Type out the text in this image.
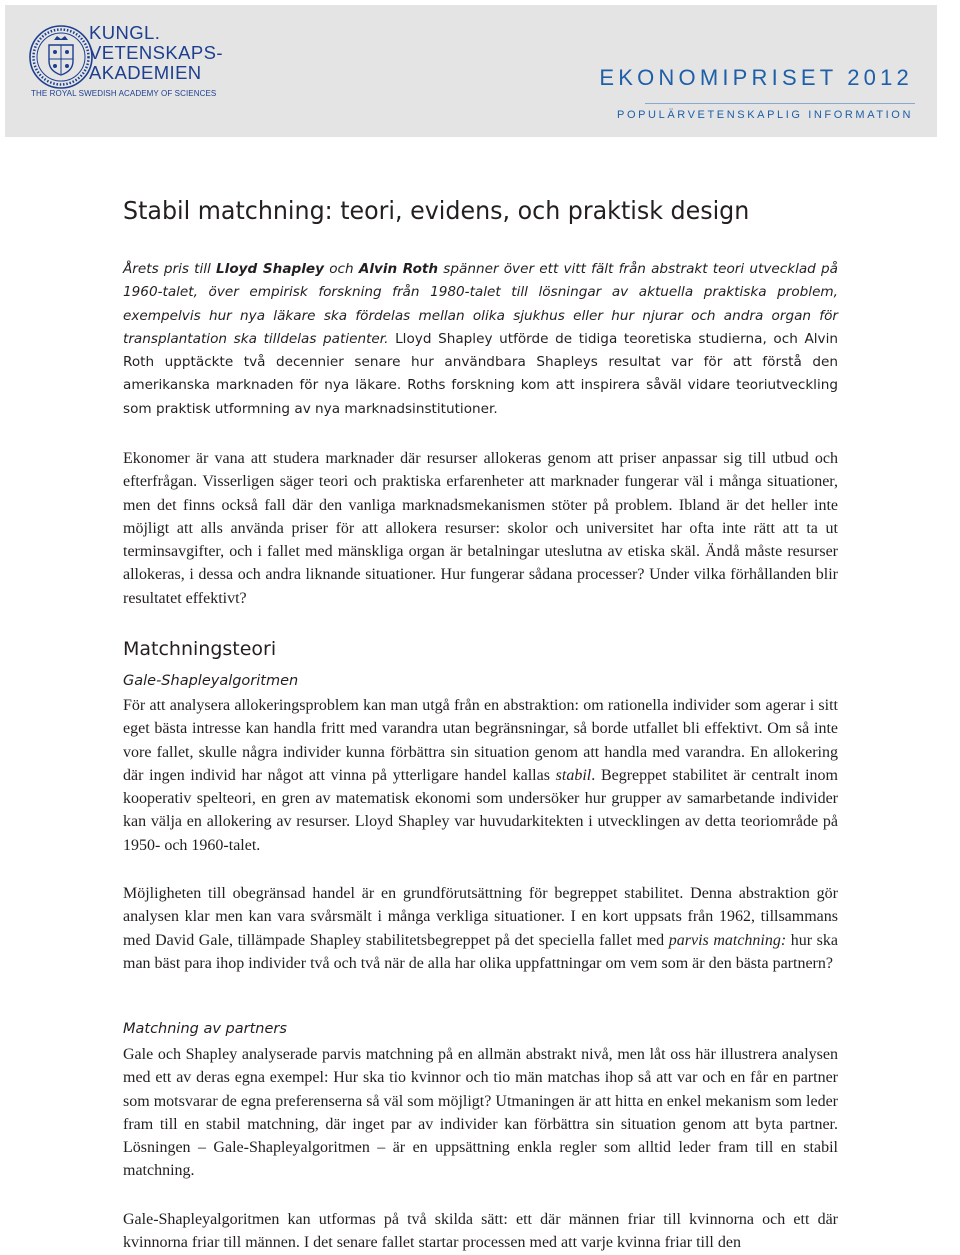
KUNGL.
VETENSKAPS-
AKADEMIEN
THE ROYAL SWEDISH ACADEMY OF SCIENCES
EKONOMIPRISET 2012
POPULÄRVETENSKAPLIG INFORMATION
Stabil matchning: teori, evidens, och praktisk design

Årets pris till Lloyd Shapley och Alvin Roth spänner över ett vitt fält från abstrakt teori utvecklad på 1960-talet, över empirisk forskning från 1980-talet till lösningar av aktuella praktiska problem, exempelvis hur nya läkare ska fördelas mellan olika sjukhus eller hur njurar och andra organ för transplantation ska tilldelas patienter. Lloyd Shapley utförde de tidiga teoretiska studierna, och Alvin Roth upptäckte två decennier senare hur användbara Shapleys resultat var för att förstå den amerikanska marknaden för nya läkare. Roths forskning kom att inspirera såväl vidare teoriutveckling som praktisk utformning av nya marknadsinstitutioner.

Ekonomer är vana att studera marknader där resurser allokeras genom att priser anpassar sig till utbud och efterfrågan. Visserligen säger teori och praktiska erfarenheter att marknader fungerar väl i många situationer, men det finns också fall där den vanliga marknadsmekanismen stöter på problem. Ibland är det heller inte möjligt att alls använda priser för att allokera resurser: skolor och universitet har ofta inte rätt att ta ut terminsavgifter, och i fallet med mänskliga organ är betalningar uteslutna av etiska skäl. Ändå måste resurser allokeras, i dessa och andra liknande situationer. Hur fungerar sådana processer? Under vilka förhållanden blir resultatet effektivt?

Matchningsteori
Gale-Shapleyalgoritmen

För att analysera allokeringsproblem kan man utgå från en abstraktion: om rationella individer som agerar i sitt eget bästa intresse kan handla fritt med varandra utan begränsningar, så borde utfallet bli effektivt. Om så inte vore fallet, skulle några individer kunna förbättra sin situation genom att handla med varandra. En allokering där ingen individ har något att vinna på ytterligare handel kallas stabil. Begreppet stabilitet är centralt inom kooperativ spelteori, en gren av matematisk ekonomi som undersöker hur grupper av samarbetande individer kan välja en allokering av resurser. Lloyd Shapley var huvudarkitekten i utvecklingen av detta teoriområde på 1950- och 1960-talet.

Möjligheten till obegränsad handel är en grundförutsättning för begreppet stabilitet. Denna abstraktion gör analysen klar men kan vara svårsmält i många verkliga situationer. I en kort uppsats från 1962, tillsammans med David Gale, tillämpade Shapley stabilitetsbegreppet på det speciella fallet med parvis matchning: hur ska man bäst para ihop individer två och två när de alla har olika uppfattningar om vem som är den bästa partnern?

Matchning av partners

Gale och Shapley analyserade parvis matchning på en allmän abstrakt nivå, men låt oss här illustrera analysen med ett av deras egna exempel: Hur ska tio kvinnor och tio män matchas ihop så att var och en får en partner som motsvarar de egna preferenserna så väl som möjligt? Utmaningen är att hitta en enkel mekanism som leder fram till en stabil matchning, där inget par av individer kan förbättra sin situation genom att byta partner. Lösningen – Gale-Shapleyalgoritmen – är en uppsättning enkla regler som alltid leder fram till en stabil matchning.

Gale-Shapleyalgoritmen kan utformas på två skilda sätt: ett där männen friar till kvinnorna och ett där kvinnorna friar till männen. I det senare fallet startar processen med att varje kvinna friar till den
